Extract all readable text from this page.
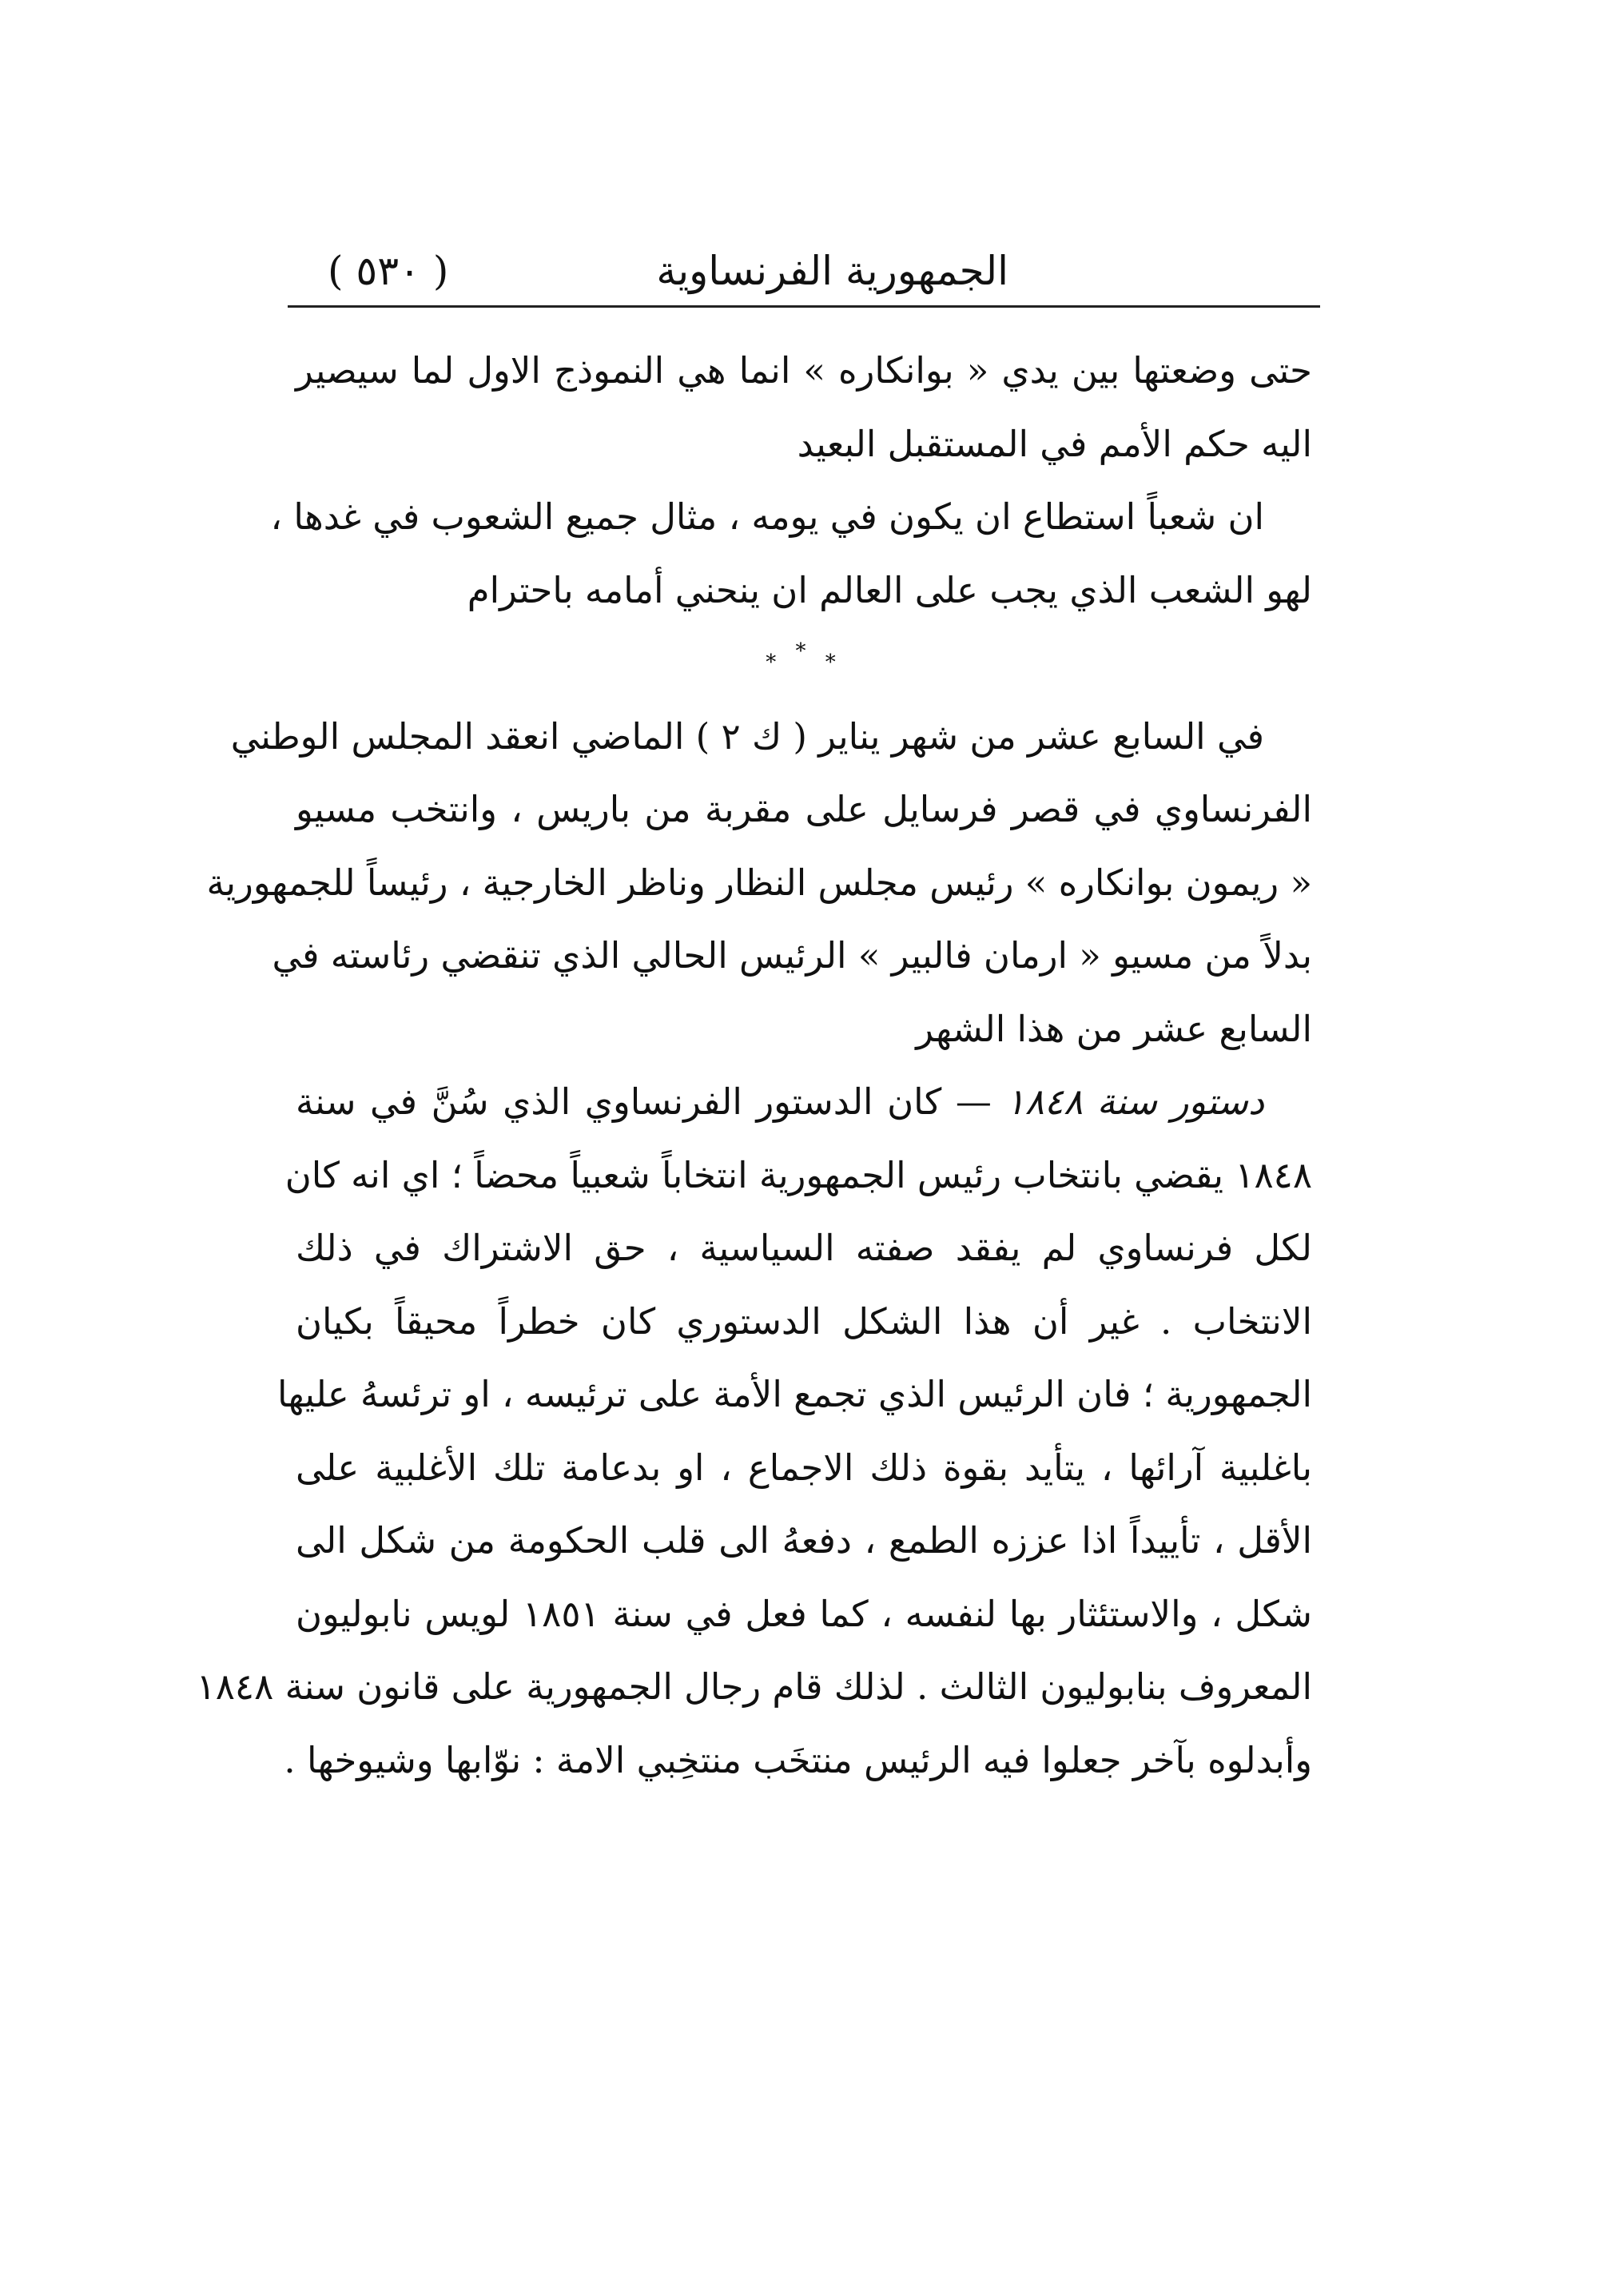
الجمهورية الفرنساوية
( ٥٣٠ )
حتى وضعتها بين يدي « بوانكاره » انما هي النموذج الاول لما سيصير
اليه حكم الأمم في المستقبل البعيد
ان شعباً استطاع ان يكون في يومه ، مثال جميع الشعوب في غدها ،
لهو الشعب الذي يجب على العالم ان ينحني أمامه باحترام
* * *
في السابع عشر من شهر يناير ( ك ٢ ) الماضي انعقد المجلس الوطني
الفرنساوي في قصر فرسايل على مقربة من باريس ، وانتخب مسيو
« ريمون بوانكاره » رئيس مجلس النظار وناظر الخارجية ، رئيساً للجمهورية
بدلاً من مسيو « ارمان فالبير » الرئيس الحالي الذي تنقضي رئاسته في
السابع عشر من هذا الشهر
دستور سنة ١٨٤٨ — كان الدستور الفرنساوي الذي سُنَّ في سنة
١٨٤٨ يقضي بانتخاب رئيس الجمهورية انتخاباً شعبياً محضاً ؛ اي انه كان
لكل فرنساوي لم يفقد صفته السياسية ، حق الاشتراك في ذلك
الانتخاب . غير أن هذا الشكل الدستوري كان خطراً محيقاً بكيان
الجمهورية ؛ فان الرئيس الذي تجمع الأمة على ترئيسه ، او ترئسهُ عليها
باغلبية آرائها ، يتأيد بقوة ذلك الاجماع ، او بدعامة تلك الأغلبية على
الأقل ، تأييداً اذا عززه الطمع ، دفعهُ الى قلب الحكومة من شكل الى
شكل ، والاستئثار بها لنفسه ، كما فعل في سنة ١٨٥١ لويس نابوليون
المعروف بنابوليون الثالث . لذلك قام رجال الجمهورية على قانون سنة ١٨٤٨
وأبدلوه بآخر جعلوا فيه الرئيس منتخَب منتخِبي الامة : نوّابها وشيوخها .
